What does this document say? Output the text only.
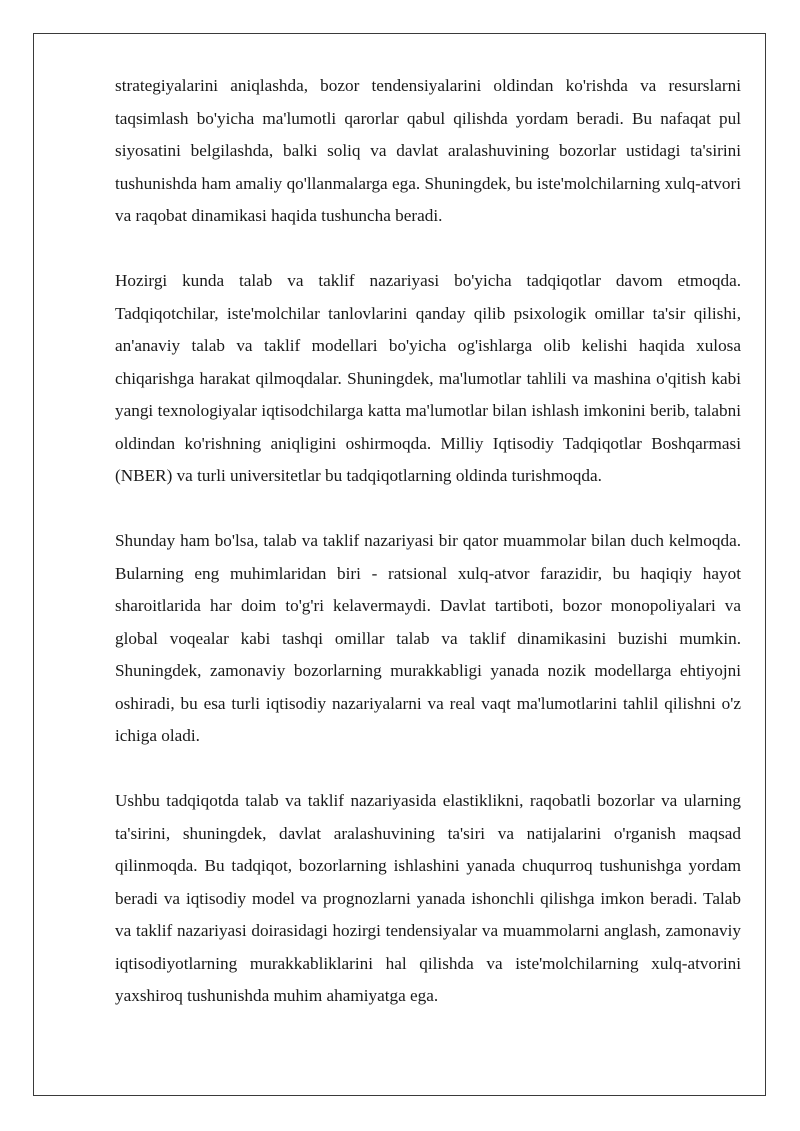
strategiyalarini aniqlashda, bozor tendensiyalarini oldindan ko'rishda va resurslarni taqsimlash bo'yicha ma'lumotli qarorlar qabul qilishda yordam beradi. Bu nafaqat pul siyosatini belgilashda, balki soliq va davlat aralashuvining bozorlar ustidagi ta'sirini tushunishda ham amaliy qo'llanmalarga ega. Shuningdek, bu iste'molchilarning xulq-atvori va raqobat dinamikasi haqida tushuncha beradi.

Hozirgi kunda talab va taklif nazariyasi bo'yicha tadqiqotlar davom etmoqda. Tadqiqotchilar, iste'molchilar tanlovlarini qanday qilib psixologik omillar ta'sir qilishi, an'anaviy talab va taklif modellari bo'yicha og'ishlarga olib kelishi haqida xulosa chiqarishga harakat qilmoqdalar. Shuningdek, ma'lumotlar tahlili va mashina o'qitish kabi yangi texnologiyalar iqtisodchilarga katta ma'lumotlar bilan ishlash imkonini berib, talabni oldindan ko'rishning aniqligini oshirmoqda. Milliy Iqtisodiy Tadqiqotlar Boshqarmasi (NBER) va turli universitetlar bu tadqiqotlarning oldinda turishmoqda.

Shunday ham bo'lsa, talab va taklif nazariyasi bir qator muammolar bilan duch kelmoqda. Bularning eng muhimlaridan biri - ratsional xulq-atvor farazidir, bu haqiqiy hayot sharoitlarida har doim to'g'ri kelavermaydi. Davlat tartiboti, bozor monopoliyalari va global voqealar kabi tashqi omillar talab va taklif dinamikasini buzishi mumkin. Shuningdek, zamonaviy bozorlarning murakkabligi yanada nozik modellarga ehtiyojni oshiradi, bu esa turli iqtisodiy nazariyalarni va real vaqt ma'lumotlarini tahlil qilishni o'z ichiga oladi.

Ushbu tadqiqotda talab va taklif nazariyasida elastiklikni, raqobatli bozorlar va ularning ta'sirini, shuningdek, davlat aralashuvining ta'siri va natijalarini o'rganish maqsad qilinmoqda. Bu tadqiqot, bozorlarning ishlashini yanada chuqurroq tushunishga yordam beradi va iqtisodiy model va prognozlarni yanada ishonchli qilishga imkon beradi. Talab va taklif nazariyasi doirasidagi hozirgi tendensiyalar va muammolarni anglash, zamonaviy iqtisodiyotlarning murakkabliklarini hal qilishda va iste'molchilarning xulq-atvorini yaxshiroq tushunishda muhim ahamiyatga ega.
